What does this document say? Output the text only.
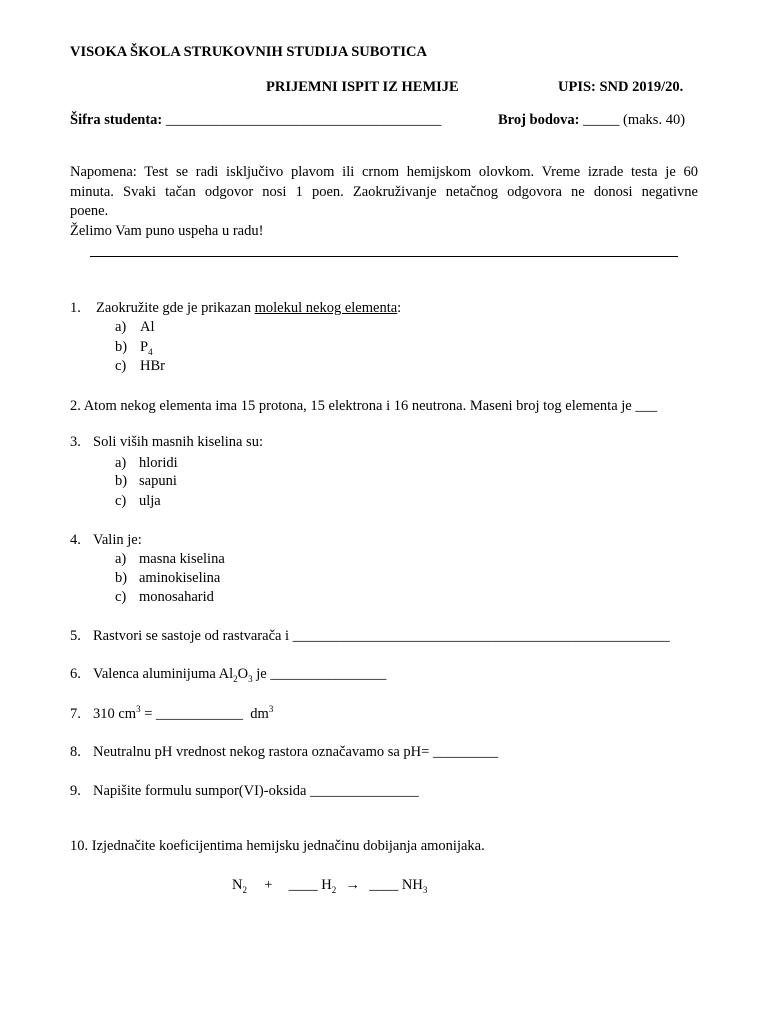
VISOKA ŠKOLA STRUKOVNIH STUDIJA SUBOTICA
PRIJEMNI ISPIT IZ HEMIJE	UPIS: SND 2019/20.
Šifra studenta: ______________________________________	Broj bodova: _____ (maks. 40)
Napomena: Test se radi isključivo plavom ili crnom hemijskom olovkom. Vreme izrade testa je 60
minuta. Svaki tačan odgovor nosi 1 poen. Zaokruživanje netačnog odgovora ne donosi negativne
poene.
Želimo Vam puno uspeha u radu!
1. Zaokružite gde je prikazan molekul nekog elementa:
a) Al
b) $P_4$
c) HBr
2. Atom nekog elementa ima 15 protona, 15 elektrona i 16 neutrona. Maseni broj tog elementa je ___
3. Soli viših masnih kiselina su:
a) hloridi
b) sapuni
c) ulja
4. Valin je:
a) masna kiselina
b) aminokiselina
c) monosaharid
5. Rastvori se sastoje od rastvarača i ____________________________________________________
6. Valenca aluminijuma $Al_2O_3$ je ________________
7. 310 $cm^3$ = ____________  $dm^3$
8. Neutralnu pH vrednost nekog rastora označavamo sa pH= _________
9. Napišite formulu sumpor(VI)-oksida _______________
10. Izjednačite koeficijentima hemijsku jednačinu dobijanja amonijaka.
$N_2$ + ____ $H_2$ → ____ $NH_3$
